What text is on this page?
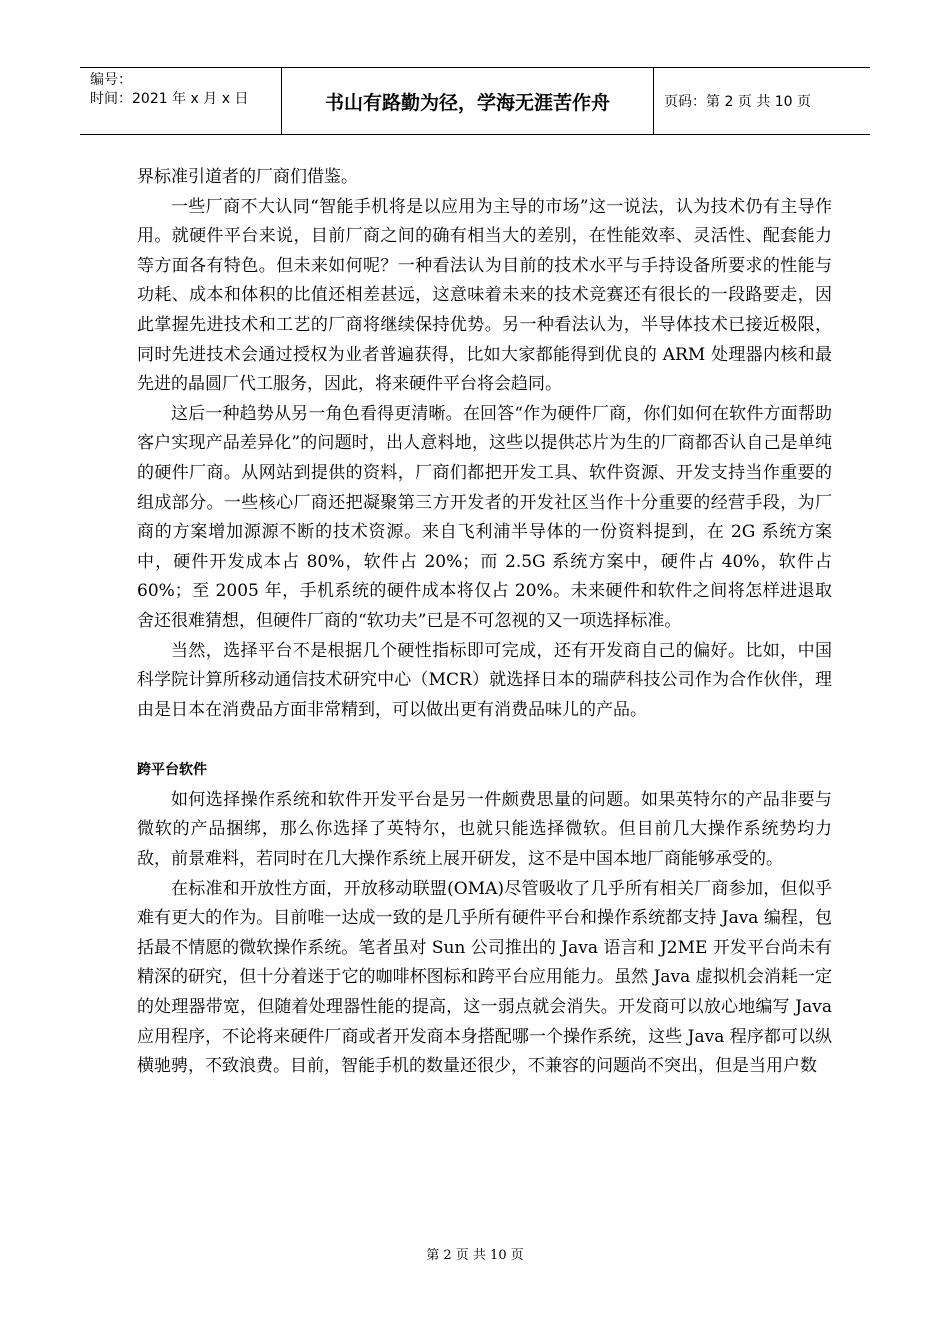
编号：
时间：2021 年 x 月 x 日	书山有路勤为径，学海无涯苦作舟	页码：第 2 页 共 10 页

界标准引道者的厂商们借鉴。

一些厂商不大认同“智能手机将是以应用为主导的市场”这一说法，认为技术仍有主导作用。就硬件平台来说，目前厂商之间的确有相当大的差别，在性能效率、灵活性、配套能力等方面各有特色。但未来如何呢？一种看法认为目前的技术水平与手持设备所要求的性能与功耗、成本和体积的比值还相差甚远，这意味着未来的技术竞赛还有很长的一段路要走，因此掌握先进技术和工艺的厂商将继续保持优势。另一种看法认为，半导体技术已接近极限，同时先进技术会通过授权为业者普遍获得，比如大家都能得到优良的 ARM 处理器内核和最先进的晶圆厂代工服务，因此，将来硬件平台将会趋同。

这后一种趋势从另一角色看得更清晰。在回答“作为硬件厂商，你们如何在软件方面帮助客户实现产品差异化”的问题时，出人意料地，这些以提供芯片为生的厂商都否认自己是单纯的硬件厂商。从网站到提供的资料，厂商们都把开发工具、软件资源、开发支持当作重要的组成部分。一些核心厂商还把凝聚第三方开发者的开发社区当作十分重要的经营手段，为厂商的方案增加源源不断的技术资源。来自飞利浦半导体的一份资料提到，在 2G 系统方案中，硬件开发成本占 80%，软件占 20%；而 2.5G 系统方案中，硬件占 40%，软件占 60%；至 2005 年，手机系统的硬件成本将仅占 20%。未来硬件和软件之间将怎样进退取舍还很难猜想，但硬件厂商的“软功夫”已是不可忽视的又一项选择标准。

当然，选择平台不是根据几个硬性指标即可完成，还有开发商自己的偏好。比如，中国科学院计算所移动通信技术研究中心（MCR）就选择日本的瑞萨科技公司作为合作伙伴，理由是日本在消费品方面非常精到，可以做出更有消费品味儿的产品。

跨平台软件

如何选择操作系统和软件开发平台是另一件颇费思量的问题。如果英特尔的产品非要与微软的产品捆绑，那么你选择了英特尔，也就只能选择微软。但目前几大操作系统势均力敌，前景难料，若同时在几大操作系统上展开研发，这不是中国本地厂商能够承受的。

在标准和开放性方面，开放移动联盟(OMA)尽管吸收了几乎所有相关厂商参加，但似乎难有更大的作为。目前唯一达成一致的是几乎所有硬件平台和操作系统都支持 Java 编程，包括最不情愿的微软操作系统。笔者虽对 Sun 公司推出的 Java 语言和 J2ME 开发平台尚未有精深的研究，但十分着迷于它的咖啡杯图标和跨平台应用能力。虽然 Java 虚拟机会消耗一定的处理器带宽，但随着处理器性能的提高，这一弱点就会消失。开发商可以放心地编写 Java 应用程序，不论将来硬件厂商或者开发商本身搭配哪一个操作系统，这些 Java 程序都可以纵横驰骋，不致浪费。目前，智能手机的数量还很少，不兼容的问题尚不突出，但是当用户数

第 2 页 共 10 页
